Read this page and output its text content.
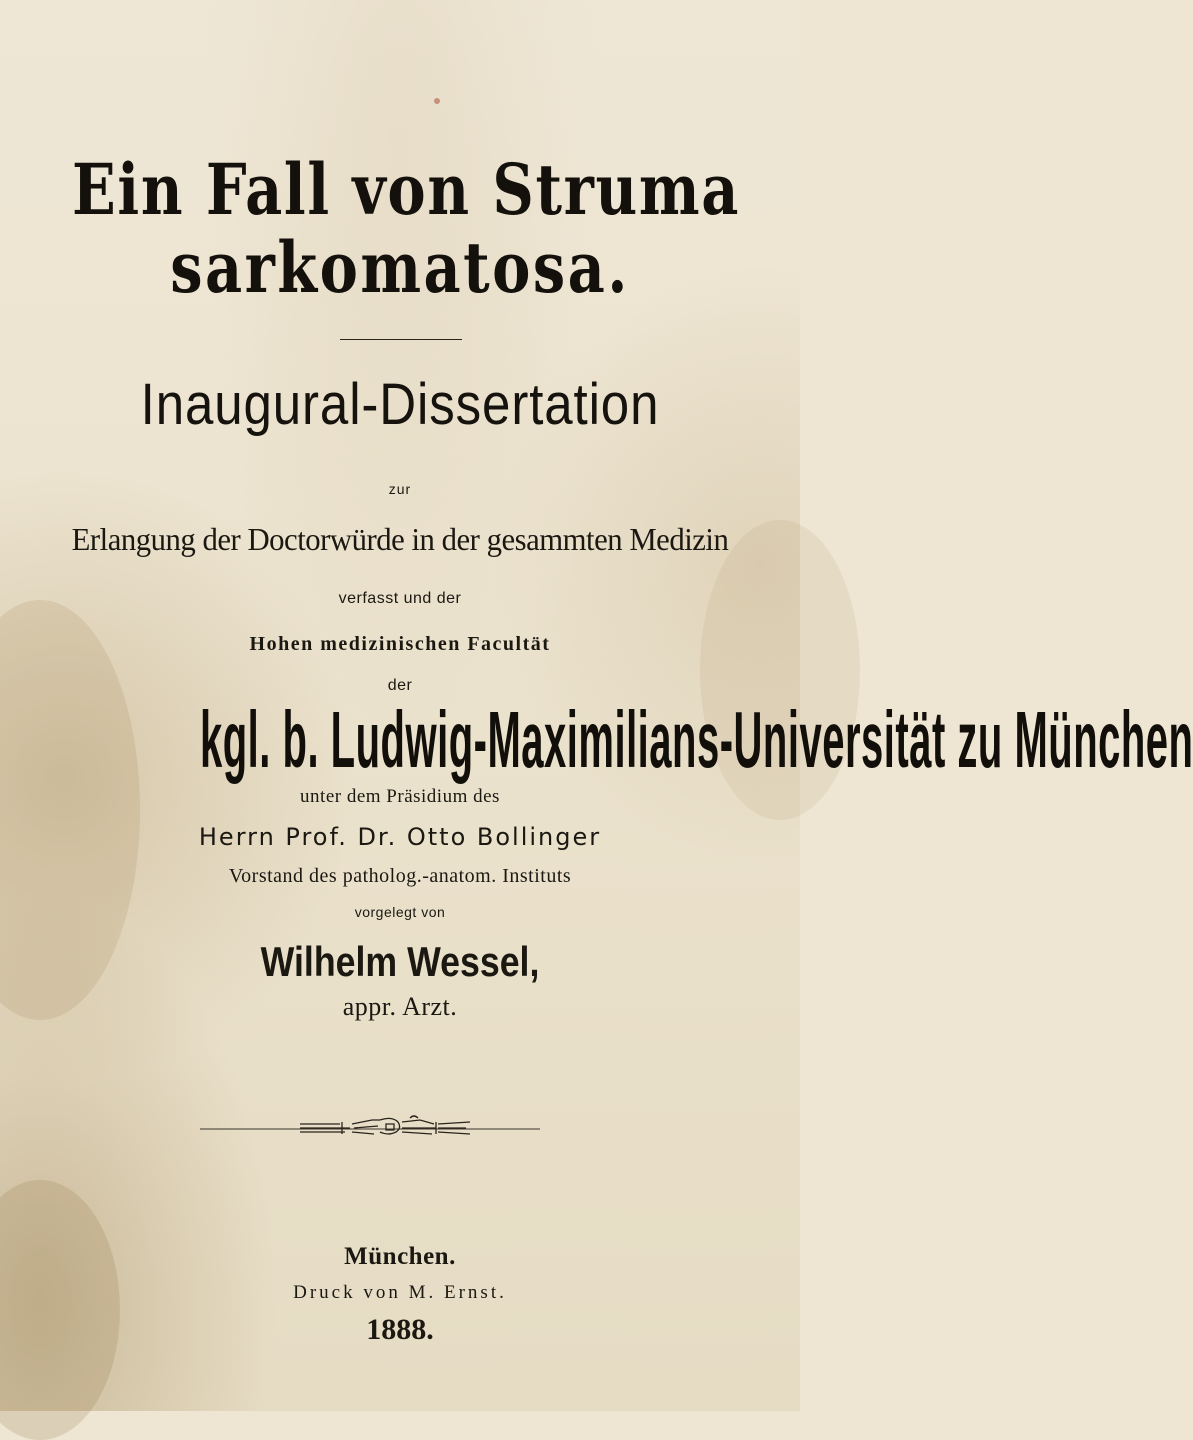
Ein Fall von Struma
sarkomatosa.
Inaugural-Dissertation
zur
Erlangung der Doctorwürde in der gesammten Medizin
verfasst und der
Hohen medizinischen Facultät
der
kgl. b. Ludwig-Maximilians-Universität zu München
unter dem Präsidium des
Herrn Prof. Dr. Otto Bollinger
Vorstand des patholog.-anatom. Instituts
vorgelegt von
Wilhelm Wessel,
appr. Arzt.
München.
Druck von M. Ernst.
1888.
